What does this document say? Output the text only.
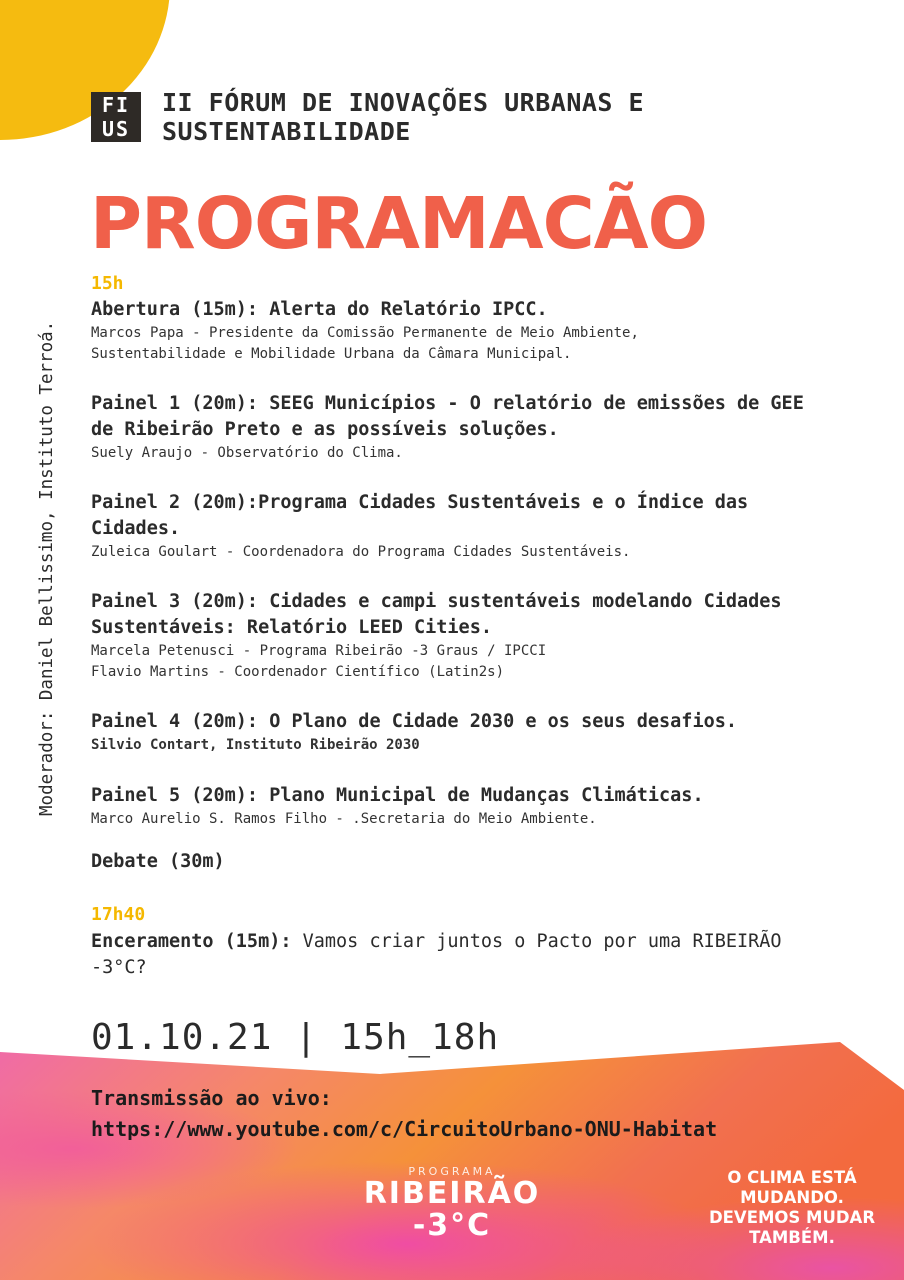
FI
US
II FÓRUM DE INOVAÇÕES URBANAS E SUSTENTABILIDADE
PROGRAMACÃO
Moderador: Daniel Bellissimo, Instituto Terroá.
15h
Abertura (15m): Alerta do Relatório IPCC.
Marcos Papa - Presidente da Comissão Permanente de Meio Ambiente,
Sustentabilidade e Mobilidade Urbana da Câmara Municipal.
Painel 1 (20m): SEEG Municípios - O relatório de emissões de GEE de Ribeirão Preto e as possíveis soluções.
Suely Araujo - Observatório do Clima.
Painel 2 (20m):Programa Cidades Sustentáveis e o Índice das Cidades.
Zuleica Goulart - Coordenadora do Programa Cidades Sustentáveis.
Painel 3 (20m): Cidades e campi sustentáveis modelando Cidades Sustentáveis: Relatório LEED Cities.
Marcela Petenusci - Programa Ribeirão -3 Graus / IPCCI
Flavio Martins - Coordenador Científico (Latin2s)
Painel 4 (20m): O Plano de Cidade 2030 e os seus desafios.
Silvio Contart, Instituto Ribeirão 2030
Painel 5 (20m): Plano Municipal de Mudanças Climáticas.
Marco Aurelio S. Ramos Filho - .Secretaria do Meio Ambiente.
Debate (30m)
17h40
Enceramento (15m): Vamos criar juntos o Pacto por uma RIBEIRÃO -3°C?
01.10.21 | 15h_18h
Transmissão ao vivo:
https://www.youtube.com/c/CircuitoUrbano-ONU-Habitat
PROGRAMA
RIBEIRÃO
-3°C
O CLIMA ESTÁ
MUDANDO.
DEVEMOS MUDAR
TAMBÉM.
